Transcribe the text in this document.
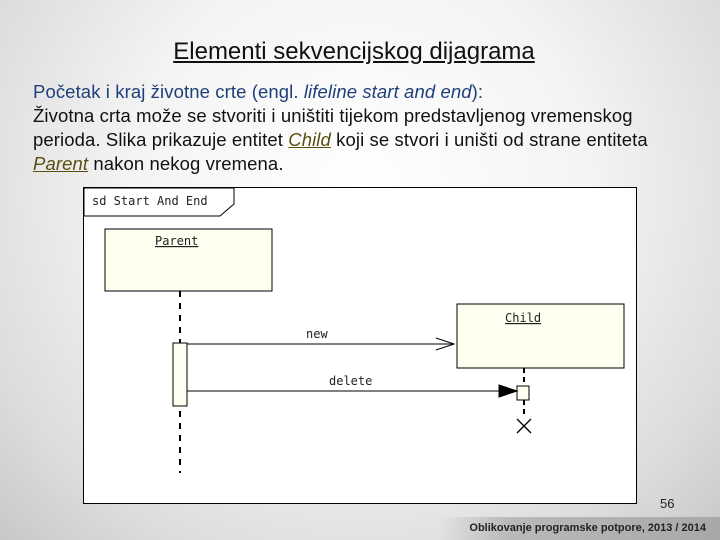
Elementi sekvencijskog dijagrama
Početak i kraj životne crte (engl. lifeline start and end):
Životna crta može se stvoriti i uništiti tijekom predstavljenog vremenskog perioda. Slika prikazuje entitet Child koji se stvori i uništi od strane entiteta Parent nakon nekog vremena.
sd Start And End
Parent
Child
new
delete
56
Oblikovanje programske potpore, 2013 / 2014
